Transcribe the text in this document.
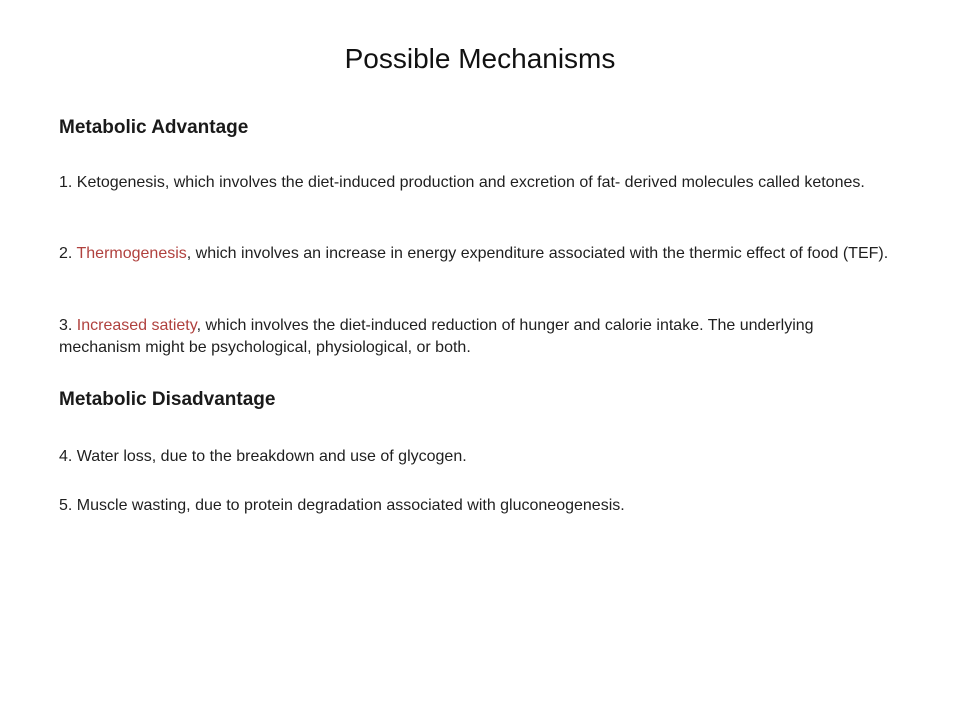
Possible Mechanisms
Metabolic Advantage

1. Ketogenesis, which involves the diet-induced production and excretion of fat- derived molecules called ketones.

2. Thermogenesis, which involves an increase in energy expenditure associated with the thermic effect of food (TEF).

3. Increased satiety, which involves the diet-induced reduction of hunger and calorie intake. The underlying mechanism might be psychological, physiological, or both.

Metabolic Disadvantage

4. Water loss, due to the breakdown and use of glycogen.

5. Muscle wasting, due to protein degradation associated with gluconeogenesis.
